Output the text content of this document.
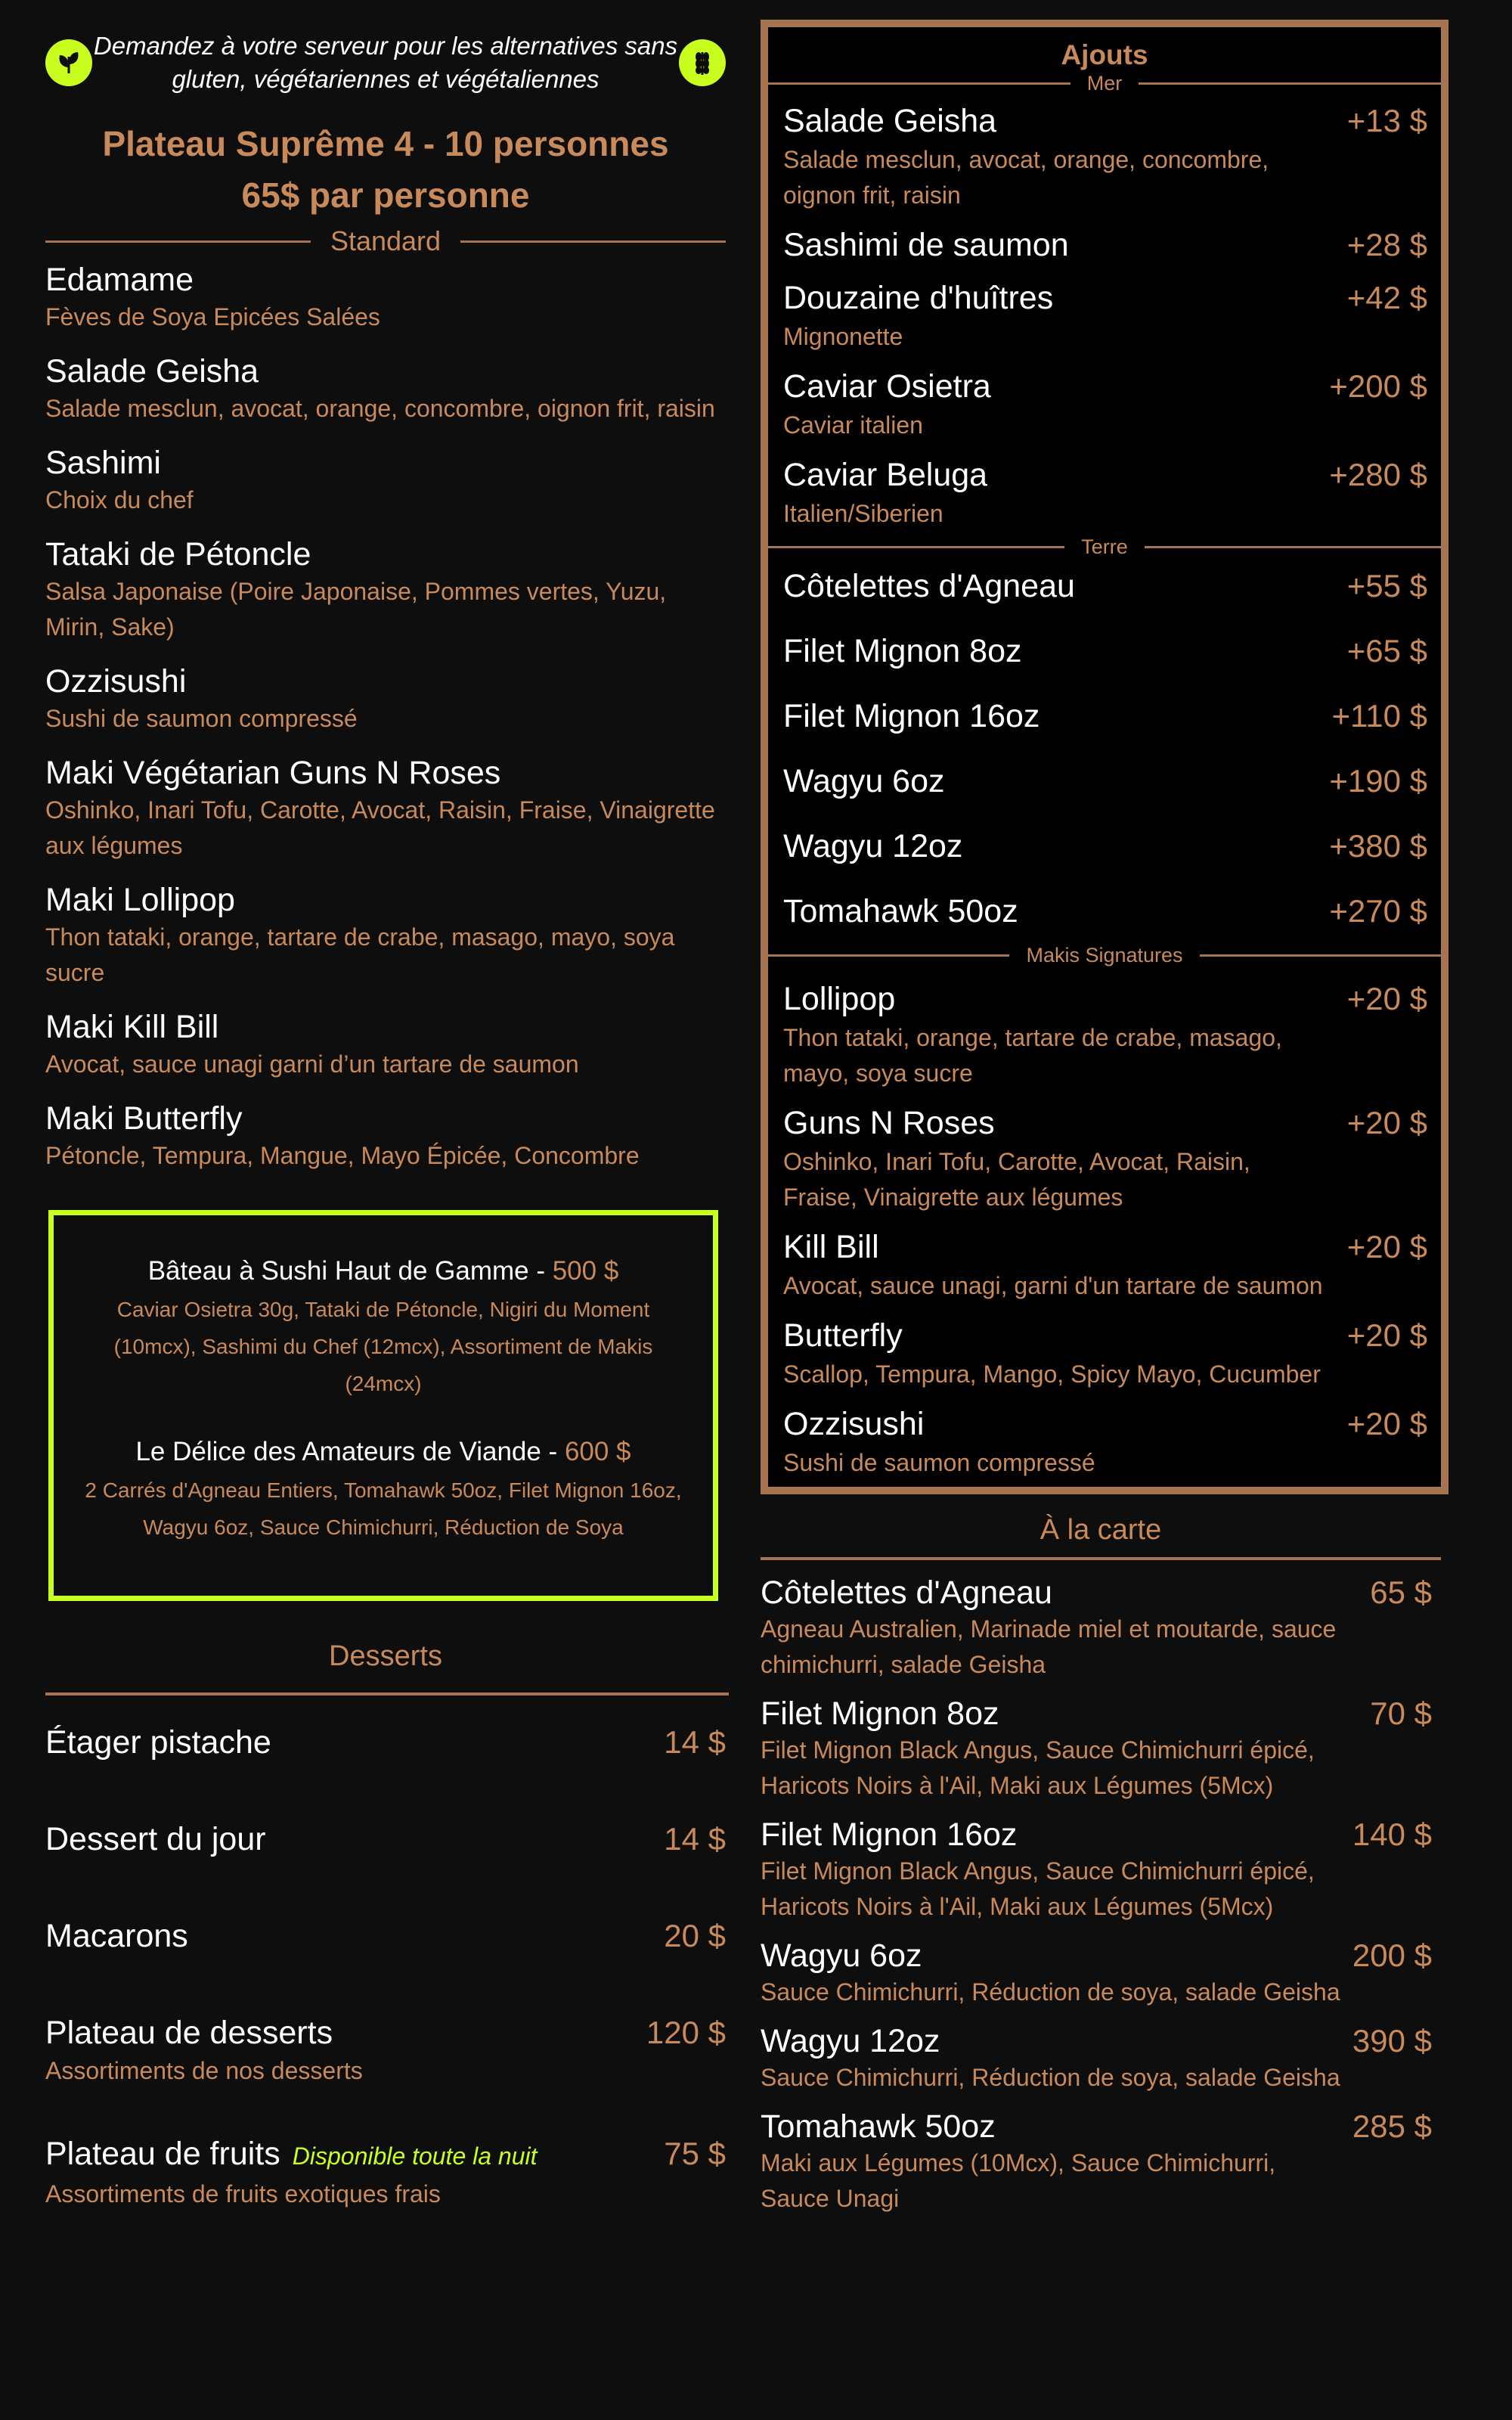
Demandez à votre serveur pour les alternatives sans gluten, végétariennes et végétaliennes
Plateau Suprême 4 - 10 personnes
65$ par personne
Standard
Edamame
Fèves de Soya Epicées Salées
Salade Geisha
Salade mesclun, avocat, orange, concombre, oignon frit, raisin
Sashimi
Choix du chef
Tataki de Pétoncle
Salsa Japonaise (Poire Japonaise, Pommes vertes, Yuzu, Mirin, Sake)
Ozzisushi
Sushi de saumon compressé
Maki Végétarian Guns N Roses
Oshinko, Inari Tofu, Carotte, Avocat, Raisin, Fraise, Vinaigrette aux légumes
Maki Lollipop
Thon tataki, orange, tartare de crabe, masago, mayo, soya sucre
Maki Kill Bill
Avocat, sauce unagi garni d’un tartare de saumon
Maki Butterfly
Pétoncle, Tempura, Mangue, Mayo Épicée, Concombre
Bâteau à Sushi Haut de Gamme - 500 $
Caviar Osietra 30g, Tataki de Pétoncle, Nigiri du Moment (10mcx), Sashimi du Chef (12mcx), Assortiment de Makis (24mcx)
Le Délice des Amateurs de Viande - 600 $
2 Carrés d'Agneau Entiers, Tomahawk 50oz, Filet Mignon 16oz, Wagyu 6oz, Sauce Chimichurri, Réduction de Soya
Desserts
Étager pistache	14 $
Dessert du jour	14 $
Macarons	20 $
Plateau de desserts	120 $
Assortiments de nos desserts
Plateau de fruits Disponible toute la nuit	75 $
Assortiments de fruits exotiques frais
Ajouts
Mer
Salade Geisha	+13 $
Salade mesclun, avocat, orange, concombre, oignon frit, raisin
Sashimi de saumon	+28 $
Douzaine d'huîtres	+42 $
Mignonette
Caviar Osietra	+200 $
Caviar italien
Caviar Beluga	+280 $
Italien/Siberien
Terre
Côtelettes d'Agneau	+55 $
Filet Mignon 8oz	+65 $
Filet Mignon 16oz	+110 $
Wagyu 6oz	+190 $
Wagyu 12oz	+380 $
Tomahawk 50oz	+270 $
Makis Signatures
Lollipop	+20 $
Thon tataki, orange, tartare de crabe, masago, mayo, soya sucre
Guns N Roses	+20 $
Oshinko, Inari Tofu, Carotte, Avocat, Raisin, Fraise, Vinaigrette aux légumes
Kill Bill	+20 $
Avocat, sauce unagi, garni d'un tartare de saumon
Butterfly	+20 $
Scallop, Tempura, Mango, Spicy Mayo, Cucumber
Ozzisushi	+20 $
Sushi de saumon compressé
À la carte
Côtelettes d'Agneau	65 $
Agneau Australien, Marinade miel et moutarde, sauce chimichurri, salade Geisha
Filet Mignon 8oz	70 $
Filet Mignon Black Angus, Sauce Chimichurri épicé, Haricots Noirs à l'Ail, Maki aux Légumes (5Mcx)
Filet Mignon 16oz	140 $
Filet Mignon Black Angus, Sauce Chimichurri épicé, Haricots Noirs à l'Ail, Maki aux Légumes (5Mcx)
Wagyu 6oz	200 $
Sauce Chimichurri, Réduction de soya, salade Geisha
Wagyu 12oz	390 $
Sauce Chimichurri, Réduction de soya, salade Geisha
Tomahawk 50oz	285 $
Maki aux Légumes (10Mcx), Sauce Chimichurri, Sauce Unagi
